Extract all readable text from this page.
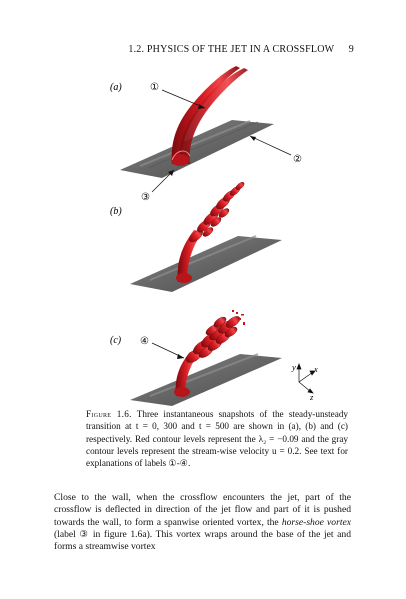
1.2. PHYSICS OF THE JET IN A CROSSFLOW 9
(a)	①
②
③
(b)
(c) ④
y x
z
Figure 1.6. Three instantaneous snapshots of the steady-unsteady transition at t = 0, 300 and t = 500 are shown in (a), (b) and (c) respectively. Red contour levels represent the λ₂ = −0.09 and the gray contour levels represent the stream-wise velocity u = 0.2. See text for explanations of labels ①-④.
Close to the wall, when the crossflow encounters the jet, part of the crossflow is deflected in direction of the jet flow and part of it is pushed towards the wall, to form a spanwise oriented vortex, the horse-shoe vortex (label ③ in figure 1.6a). This vortex wraps around the base of the jet and forms a streamwise vortex
